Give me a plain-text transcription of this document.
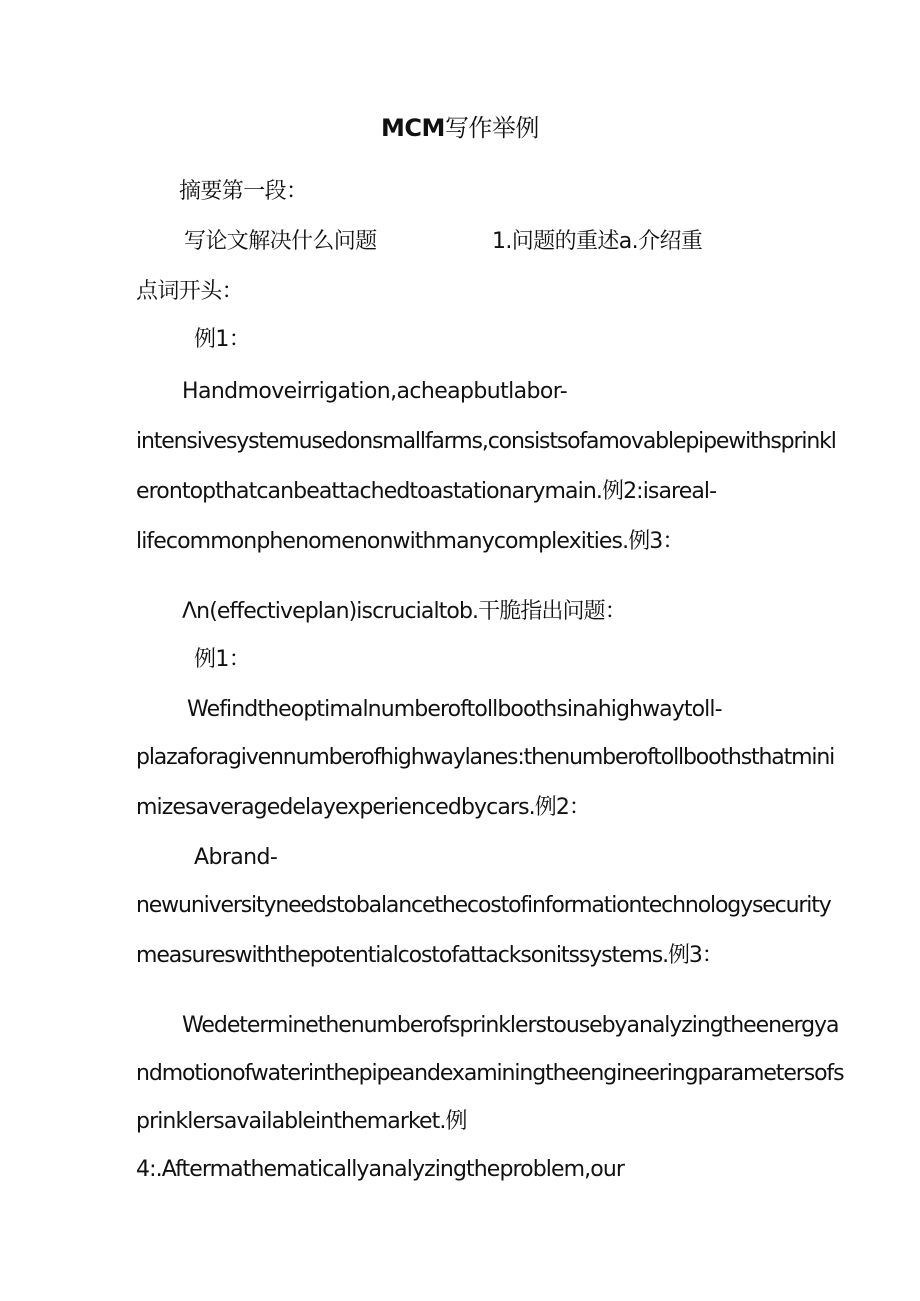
MCM写作举例
摘要第一段：
写论文解决什么问题	1.问题的重述a.介绍重
点词开头：
例1：
Handmoveirrigation,acheapbutlabor-
intensivesystemusedonsmallfarms,consistsofamovablepipewithsprinkl
erontopthatcanbeattachedtoastationarymain.例2:isareal-
lifecommonphenomenonwithmanycomplexities.例3：
Λn(effectiveplan)iscrucialtob.干脆指出问题：
例1：
Wefindtheoptimalnumberoftollboothsinahighwaytoll-
plazaforagivennumberofhighwaylanes:thenumberoftollboothsthatmini
mizesaveragedelayexperiencedbycars.例2：
Abrand-
newuniversityneedstobalancethecostofinformationtechnologysecurity
measureswiththepotentialcostofattacksonitssystems.例3：
Wedeterminethenumberofsprinklerstousebyanalyzingtheenergya
ndmotionofwaterinthepipeandexaminingtheengineeringparametersofs
prinklersavailableinthemarket.例
4:.Aftermathematicallyanalyzingtheproblem,our
